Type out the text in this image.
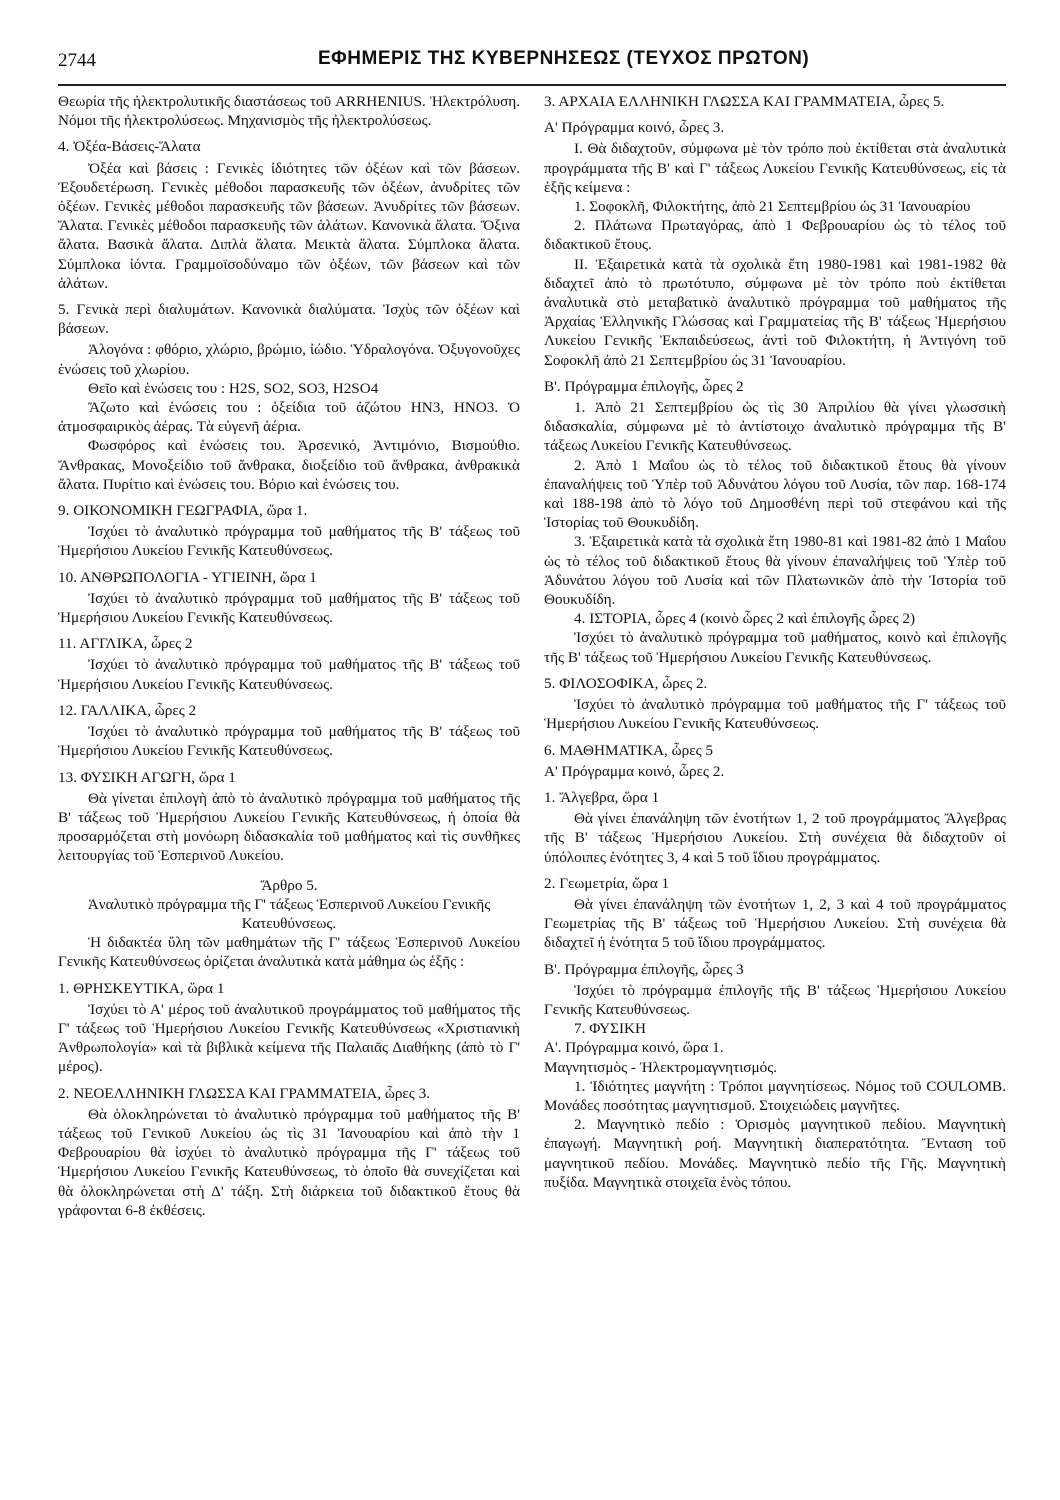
2744	ΕΦΗΜΕΡΙΣ ΤΗΣ ΚΥΒΕΡΝΗΣΕΩΣ (ΤΕΥΧΟΣ ΠΡΩΤΟΝ)

Θεωρία τῆς ἠλεκτρολυτικῆς διαστάσεως τοῦ ARRHENIUS. Ἠλεκτρόλυση. Νόμοι τῆς ἠλεκτρολύσεως. Μηχανισμὸς τῆς ἠλεκτρολύσεως.

4. Ὀξέα-Βάσεις-Ἅλατα

Ὀξέα καὶ βάσεις : Γενικὲς ἰδιότητες τῶν ὀξέων καὶ τῶν βάσεων. Ἐξουδετέρωση. Γενικὲς μέθοδοι παρασκευῆς τῶν ὀξέων, ἀνυδρίτες τῶν ὀξέων. Γενικὲς μέθοδοι παρασκευῆς τῶν βάσεων. Ἀνυδρίτες τῶν βάσεων. Ἅλατα. Γενικὲς μέθοδοι παρασκευῆς τῶν ἁλάτων. Κανονικὰ ἅλατα. Ὄξινα ἅλατα. Βασικὰ ἅλατα. Διπλὰ ἅλατα. Μεικτὰ ἅλατα. Σύμπλοκα ἅλατα. Σύμπλοκα ἰόντα. Γραμμοϊσοδύναμο τῶν ὀξέων, τῶν βάσεων καὶ τῶν ἁλάτων.

5. Γενικὰ περὶ διαλυμάτων. Κανονικὰ διαλύματα. Ἰσχὺς τῶν ὀξέων καὶ βάσεων.

Ἀλογόνα : φθόριο, χλώριο, βρώμιο, ἰώδιο. Ὑδραλογόνα. Ὀξυγονοῦχες ἑνώσεις τοῦ χλωρίου.

Θεῖο καὶ ἑνώσεις του : H2S, SO2, SO3, H2SO4

Ἄζωτο καὶ ἑνώσεις του : ὀξείδια τοῦ ἀζώτου HN3, HNO3. Ὁ ἀτμοσφαιρικὸς ἀέρας. Τὰ εὐγενῆ ἀέρια.

Φωσφόρος καὶ ἑνώσεις του. Ἀρσενικό, Ἀντιμόνιο, Βισμούθιο. Ἄνθρακας, Μονοξείδιο τοῦ ἄνθρακα, διοξείδιο τοῦ ἄνθρακα, ἀνθρακικὰ ἅλατα. Πυρίτιο καὶ ἑνώσεις του. Βόριο καὶ ἑνώσεις του.

9. ΟΙΚΟΝΟΜΙΚΗ ΓΕΩΓΡΑΦΙΑ, ὥρα 1.

Ἰσχύει τὸ ἀναλυτικὸ πρόγραμμα τοῦ μαθήματος τῆς Β' τάξεως τοῦ Ἡμερήσιου Λυκείου Γενικῆς Κατευθύνσεως.

10. ΑΝΘΡΩΠΟΛΟΓΙΑ - ΥΓΙΕΙΝΗ, ὥρα 1

Ἰσχύει τὸ ἀναλυτικὸ πρόγραμμα τοῦ μαθήματος τῆς Β' τάξεως τοῦ Ἡμερήσιου Λυκείου Γενικῆς Κατευθύνσεως.

11. ΑΓΓΛΙΚΑ, ὧρες 2

Ἰσχύει τὸ ἀναλυτικὸ πρόγραμμα τοῦ μαθήματος τῆς Β' τάξεως τοῦ Ἡμερήσιου Λυκείου Γενικῆς Κατευθύνσεως.

12. ΓΑΛΛΙΚΑ, ὧρες 2

Ἰσχύει τὸ ἀναλυτικὸ πρόγραμμα τοῦ μαθήματος τῆς Β' τάξεως τοῦ Ἡμερήσιου Λυκείου Γενικῆς Κατευθύνσεως.

13. ΦΥΣΙΚΗ ΑΓΩΓΗ, ὥρα 1

Θὰ γίνεται ἐπιλογὴ ἀπὸ τὸ ἀναλυτικὸ πρόγραμμα τοῦ μαθήματος τῆς Β' τάξεως τοῦ Ἡμερήσιου Λυκείου Γενικῆς Κατευθύνσεως, ἡ ὁποία θὰ προσαρμόζεται στὴ μονόωρη διδασκαλία τοῦ μαθήματος καὶ τὶς συνθῆκες λειτουργίας τοῦ Ἑσπερινοῦ Λυκείου.

Ἄρθρο 5.

Ἀναλυτικὸ πρόγραμμα τῆς Γ' τάξεως Ἑσπερινοῦ Λυκείου Γενικῆς Κατευθύνσεως.

Ἡ διδακτέα ὕλη τῶν μαθημάτων τῆς Γ' τάξεως Ἑσπερινοῦ Λυκείου Γενικῆς Κατευθύνσεως ὁρίζεται ἀναλυτικὰ κατὰ μάθημα ὡς ἑξῆς :

1. ΘΡΗΣΚΕΥΤΙΚΑ, ὥρα 1

Ἰσχύει τὸ Α' μέρος τοῦ ἀναλυτικοῦ προγράμματος τοῦ μαθήματος τῆς Γ' τάξεως τοῦ Ἡμερήσιου Λυκείου Γενικῆς Κατευθύνσεως «Χριστιανικὴ Ἀνθρωπολογία» καὶ τὰ βιβλικὰ κείμενα τῆς Παλαιᾶς Διαθήκης (ἀπὸ τὸ Γ' μέρος).

2. ΝΕΟΕΛΛΗΝΙΚΗ ΓΛΩΣΣΑ ΚΑΙ ΓΡΑΜΜΑΤΕΙΑ, ὧρες 3.

Θὰ ὁλοκληρώνεται τὸ ἀναλυτικὸ πρόγραμμα τοῦ μαθήματος τῆς Β' τάξεως τοῦ Γενικοῦ Λυκείου ὡς τὶς 31 Ἰανουαρίου καὶ ἀπὸ τὴν 1 Φεβρουαρίου θὰ ἰσχύει τὸ ἀναλυτικὸ πρόγραμμα τῆς Γ' τάξεως τοῦ Ἡμερήσιου Λυκείου Γενικῆς Κατευθύνσεως, τὸ ὁποῖο θὰ συνεχίζεται καὶ θὰ ὁλοκληρώνεται στὴ Δ' τάξη. Στὴ διάρκεια τοῦ διδακτικοῦ ἔτους θὰ γράφονται 6-8 ἐκθέσεις.

3. ΑΡΧΑΙΑ ΕΛΛΗΝΙΚΗ ΓΛΩΣΣΑ ΚΑΙ ΓΡΑΜΜΑΤΕΙΑ, ὧρες 5.

Α' Πρόγραμμα κοινό, ὧρες 3.

Ι. Θὰ διδαχτοῦν, σύμφωνα μὲ τὸν τρόπο ποὺ ἐκτίθεται στὰ ἀναλυτικὰ προγράμματα τῆς Β' καὶ Γ' τάξεως Λυκείου Γενικῆς Κατευθύνσεως, εἰς τὰ ἑξῆς κείμενα :

1. Σοφοκλῆ, Φιλοκτήτης, ἀπὸ 21 Σεπτεμβρίου ὡς 31 Ἰανουαρίου

2. Πλάτωνα Πρωταγόρας, ἀπὸ 1 Φεβρουαρίου ὡς τὸ τέλος τοῦ διδακτικοῦ ἔτους.

ΙΙ. Ἐξαιρετικὰ κατὰ τὰ σχολικὰ ἔτη 1980-1981 καὶ 1981-1982 θὰ διδαχτεῖ ἀπὸ τὸ πρωτότυπο, σύμφωνα μὲ τὸν τρόπο ποὺ ἐκτίθεται ἀναλυτικὰ στὸ μεταβατικὸ ἀναλυτικὸ πρόγραμμα τοῦ μαθήματος τῆς Ἀρχαίας Ἑλληνικῆς Γλώσσας καὶ Γραμματείας τῆς Β' τάξεως Ἡμερήσιου Λυκείου Γενικῆς Ἐκπαιδεύσεως, ἀντὶ τοῦ Φιλοκτήτη, ἡ Ἀντιγόνη τοῦ Σοφοκλῆ ἀπὸ 21 Σεπτεμβρίου ὡς 31 Ἰανουαρίου.

Β'. Πρόγραμμα ἐπιλογῆς, ὧρες 2

1. Ἀπὸ 21 Σεπτεμβρίου ὡς τὶς 30 Ἀπριλίου θὰ γίνει γλωσσικὴ διδασκαλία, σύμφωνα μὲ τὸ ἀντίστοιχο ἀναλυτικὸ πρόγραμμα τῆς Β' τάξεως Λυκείου Γενικῆς Κατευθύνσεως.

2. Ἀπὸ 1 Μαΐου ὡς τὸ τέλος τοῦ διδακτικοῦ ἔτους θὰ γίνουν ἐπαναλήψεις τοῦ Ὑπὲρ τοῦ Ἀδυνάτου λόγου τοῦ Λυσία, τῶν παρ. 168-174 καὶ 188-198 ἀπὸ τὸ λόγο τοῦ Δημοσθένη περὶ τοῦ στεφάνου καὶ τῆς Ἱστορίας τοῦ Θουκυδίδη.

3. Ἐξαιρετικὰ κατὰ τὰ σχολικὰ ἔτη 1980-81 καὶ 1981-82 ἀπὸ 1 Μαΐου ὡς τὸ τέλος τοῦ διδακτικοῦ ἔτους θὰ γίνουν ἐπαναλήψεις τοῦ Ὑπὲρ τοῦ Ἀδυνάτου λόγου τοῦ Λυσία καὶ τῶν Πλατωνικῶν ἀπὸ τὴν Ἱστορία τοῦ Θουκυδίδη.

4. ΙΣΤΟΡΙΑ, ὧρες 4 (κοινὸ ὧρες 2 καὶ ἐπιλογῆς ὧρες 2)

Ἰσχύει τὸ ἀναλυτικὸ πρόγραμμα τοῦ μαθήματος, κοινὸ καὶ ἐπιλογῆς τῆς Β' τάξεως τοῦ Ἡμερήσιου Λυκείου Γενικῆς Κατευθύνσεως.

5. ΦΙΛΟΣΟΦΙΚΑ, ὧρες 2.

Ἰσχύει τὸ ἀναλυτικὸ πρόγραμμα τοῦ μαθήματος τῆς Γ' τάξεως τοῦ Ἡμερήσιου Λυκείου Γενικῆς Κατευθύνσεως.

6. ΜΑΘΗΜΑΤΙΚΑ, ὧρες 5

Α' Πρόγραμμα κοινό, ὧρες 2.

1. Ἄλγεβρα, ὥρα 1

Θὰ γίνει ἐπανάληψη τῶν ἑνοτήτων 1, 2 τοῦ προγράμματος Ἄλγεβρας τῆς Β' τάξεως Ἡμερήσιου Λυκείου. Στὴ συνέχεια θὰ διδαχτοῦν οἱ ὑπόλοιπες ἑνότητες 3, 4 καὶ 5 τοῦ ἴδιου προγράμματος.

2. Γεωμετρία, ὥρα 1

Θὰ γίνει ἐπανάληψη τῶν ἑνοτήτων 1, 2, 3 καὶ 4 τοῦ προγράμματος Γεωμετρίας τῆς Β' τάξεως τοῦ Ἡμερήσιου Λυκείου. Στὴ συνέχεια θὰ διδαχτεῖ ἡ ἑνότητα 5 τοῦ ἴδιου προγράμματος.

Β'. Πρόγραμμα ἐπιλογῆς, ὧρες 3

Ἰσχύει τὸ πρόγραμμα ἐπιλογῆς τῆς Β' τάξεως Ἡμερήσιου Λυκείου Γενικῆς Κατευθύνσεως.

7. ΦΥΣΙΚΗ

Α'. Πρόγραμμα κοινό, ὥρα 1.

Μαγνητισμὸς - Ἠλεκτρομαγνητισμός.

1. Ἰδιότητες μαγνήτη : Τρόποι μαγνητίσεως. Νόμος τοῦ COULOMB. Μονάδες ποσότητας μαγνητισμοῦ. Στοιχειώδεις μαγνῆτες.

2. Μαγνητικὸ πεδίο : Ὁρισμὸς μαγνητικοῦ πεδίου. Μαγνητικὴ ἐπαγωγή. Μαγνητικὴ ροή. Μαγνητικὴ διαπερατότητα. Ἔνταση τοῦ μαγνητικοῦ πεδίου. Μονάδες. Μαγνητικὸ πεδίο τῆς Γῆς. Μαγνητικὴ πυξίδα. Μαγνητικὰ στοιχεῖα ἑνὸς τόπου.
